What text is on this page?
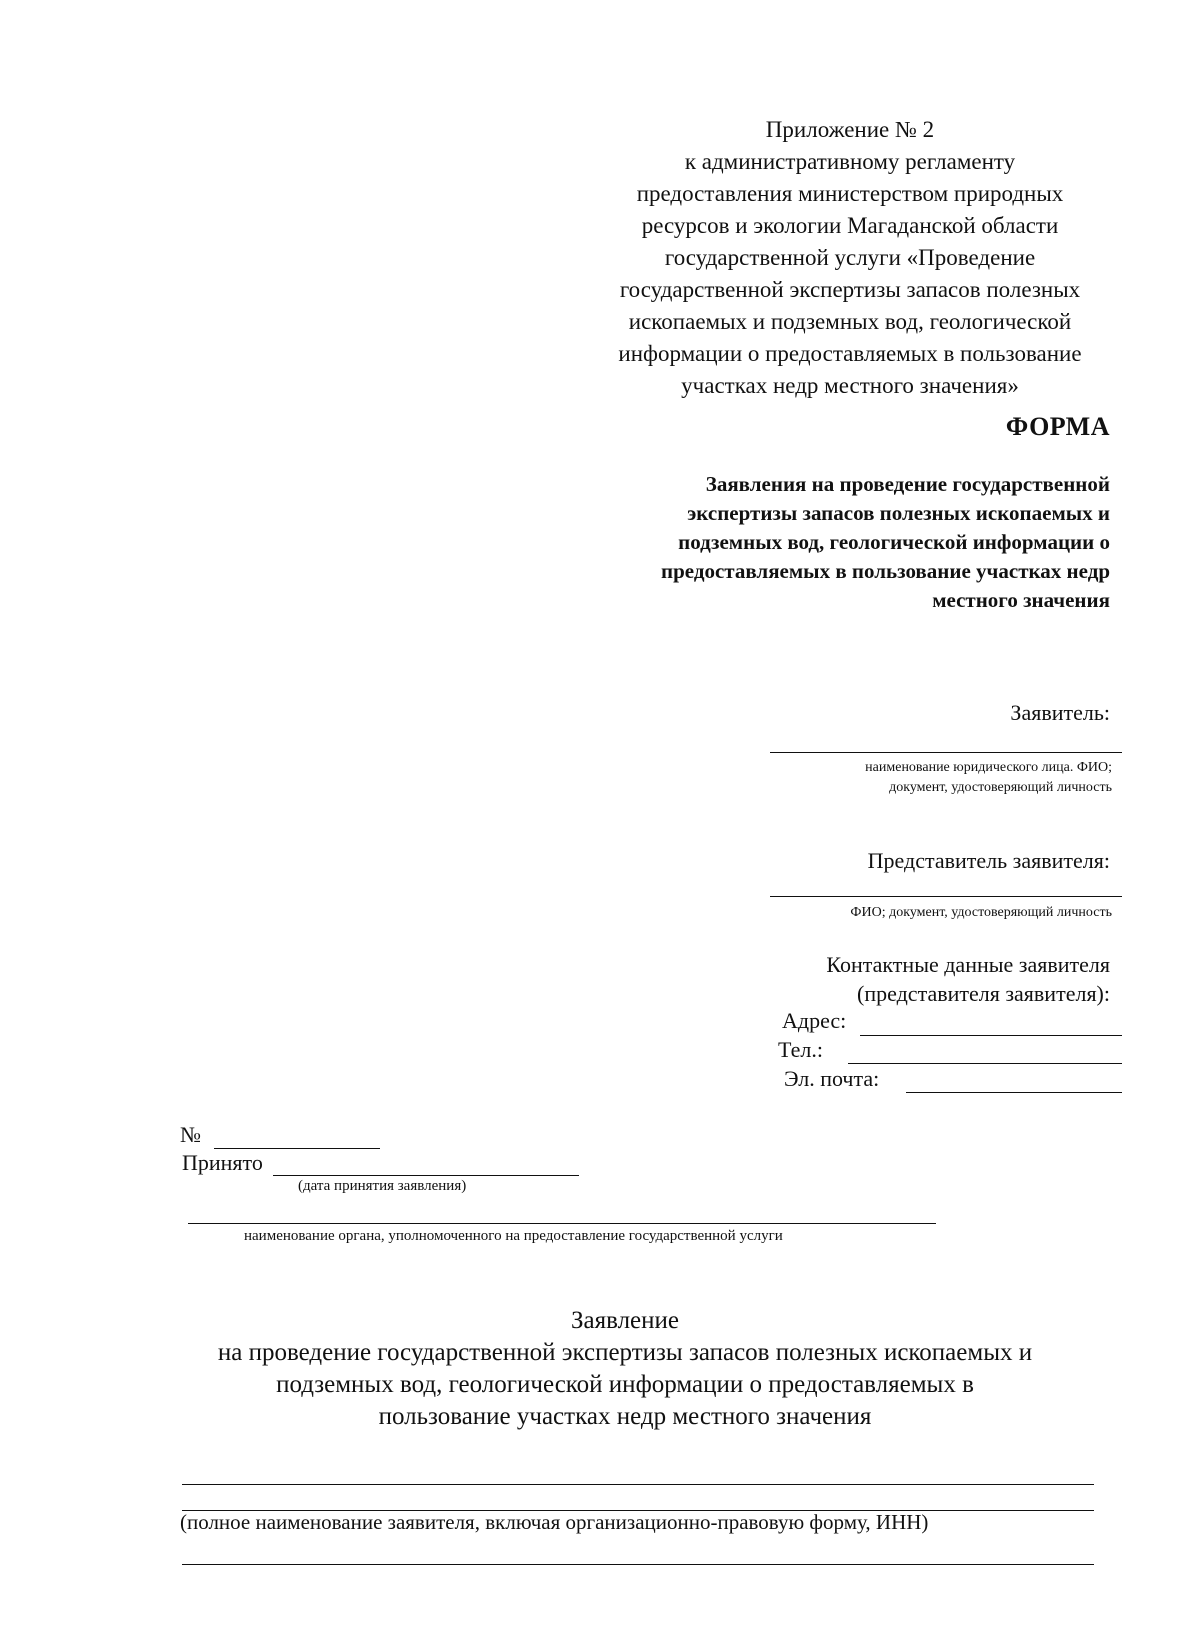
Приложение № 2
к административному регламенту
предоставления министерством природных
ресурсов и экологии Магаданской области
государственной услуги «Проведение
государственной экспертизы запасов полезных
ископаемых и подземных вод, геологической
информации о предоставляемых в пользование
участках недр местного значения»
ФОРМА
Заявления на проведение государственной
экспертизы запасов полезных ископаемых и
подземных вод, геологической информации о
предоставляемых в пользование участках недр
местного значения
Заявитель:
наименование юридического лица. ФИО;
документ, удостоверяющий личность
Представитель заявителя:
ФИО; документ, удостоверяющий личность
Контактные данные заявителя
(представителя заявителя):
Адрес:
Тел.:
Эл. почта:
№
Принято
(дата принятия заявления)
наименование органа, уполномоченного на предоставление государственной услуги
Заявление
на проведение государственной экспертизы запасов полезных ископаемых и
подземных вод, геологической информации о предоставляемых в
пользование участках недр местного значения
(полное наименование заявителя, включая организационно-правовую форму, ИНН)
